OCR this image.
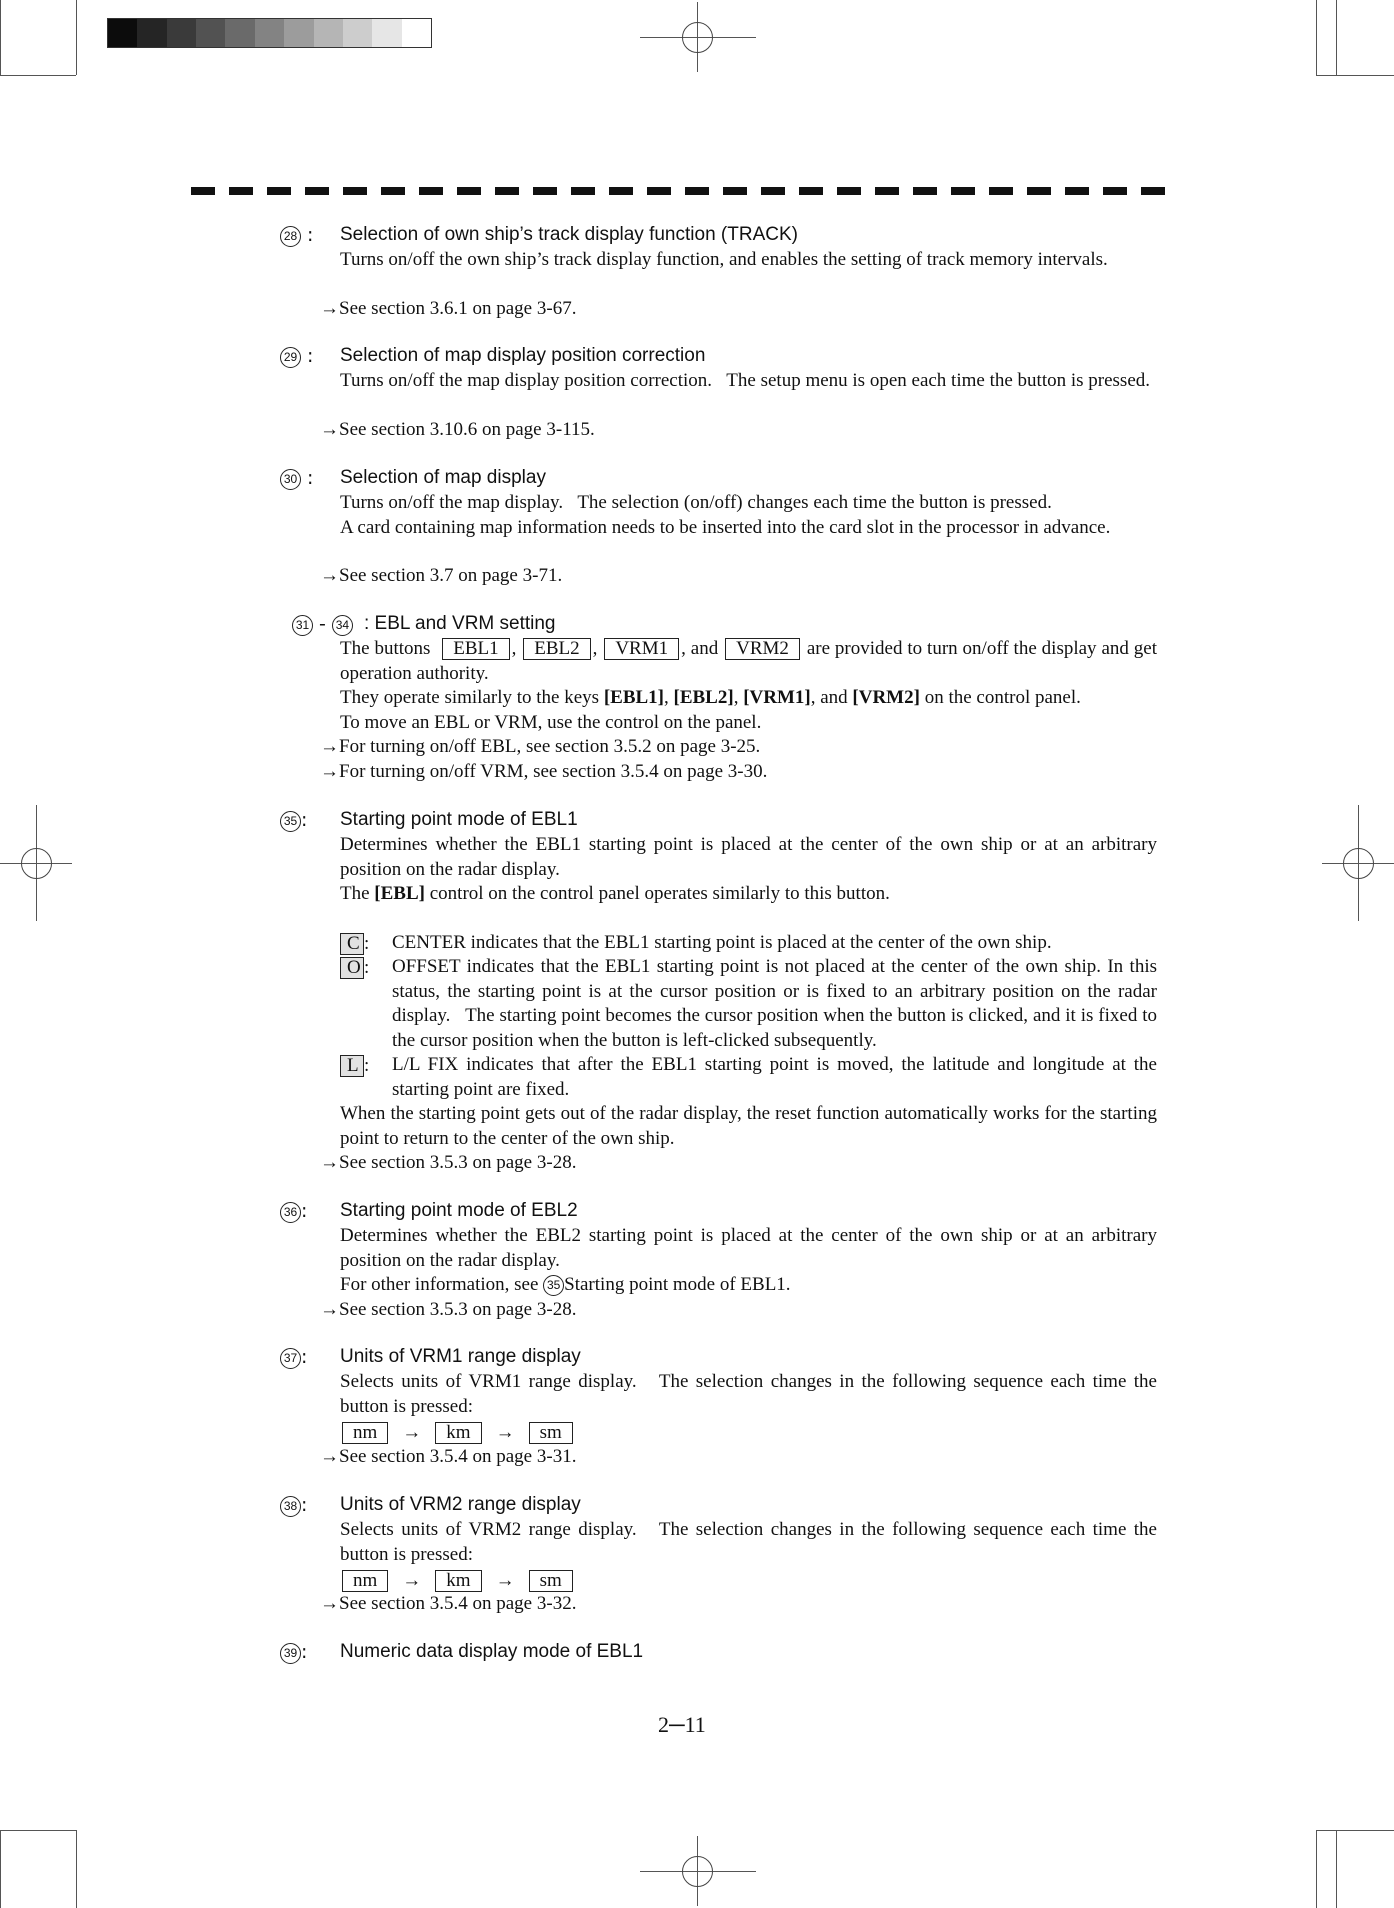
28 : Selection of own ship’s track display function (TRACK)

Turns on/off the own ship’s track display function, and enables the setting of track memory intervals.

→See section 3.6.1 on page 3-67.
29 : Selection of map display position correction

Turns on/off the map display position correction.   The setup menu is open each time the button is pressed.

→See section 3.10.6 on page 3-115.
30 : Selection of map display

Turns on/off the map display.   The selection (on/off) changes each time the button is pressed.

A card containing map information needs to be inserted into the card slot in the processor in advance.

→See section 3.7 on page 3-71.
31 - 34 : EBL and VRM setting

The buttons EBL1 , EBL2 , VRM1 , and VRM2 are provided to turn on/off the display and get operation authority.

They operate similarly to the keys [EBL1], [EBL2], [VRM1], and [VRM2] on the control panel.

To move an EBL or VRM, use the control on the panel.

→For turning on/off EBL, see section 3.5.2 on page 3-25.
→For turning on/off VRM, see section 3.5.4 on page 3-30.
35 : Starting point mode of EBL1

Determines whether the EBL1 starting point is placed at the center of the own ship or at an arbitrary position on the radar display.

The [EBL] control on the control panel operates similarly to this button.

C : CENTER indicates that the EBL1 starting point is placed at the center of the own ship.
O : OFFSET indicates that the EBL1 starting point is not placed at the center of the own ship. In this status, the starting point is at the cursor position or is fixed to an arbitrary position on the radar display.   The starting point becomes the cursor position when the button is clicked, and it is fixed to the cursor position when the button is left-clicked subsequently.
L : L/L FIX indicates that after the EBL1 starting point is moved, the latitude and longitude at the starting point are fixed.

When the starting point gets out of the radar display, the reset function automatically works for the starting point to return to the center of the own ship.

→See section 3.5.3 on page 3-28.
36 : Starting point mode of EBL2

Determines whether the EBL2 starting point is placed at the center of the own ship or at an arbitrary position on the radar display.

For other information, see 35 Starting point mode of EBL1.

→See section 3.5.3 on page 3-28.
37 : Units of VRM1 range display

Selects units of VRM1 range display.   The selection changes in the following sequence each time the button is pressed:

nm → km → sm

→See section 3.5.4 on page 3-31.
38 : Units of VRM2 range display

Selects units of VRM2 range display.   The selection changes in the following sequence each time the button is pressed:

nm → km → sm

→See section 3.5.4 on page 3-32.
39 : Numeric data display mode of EBL1
2─11
